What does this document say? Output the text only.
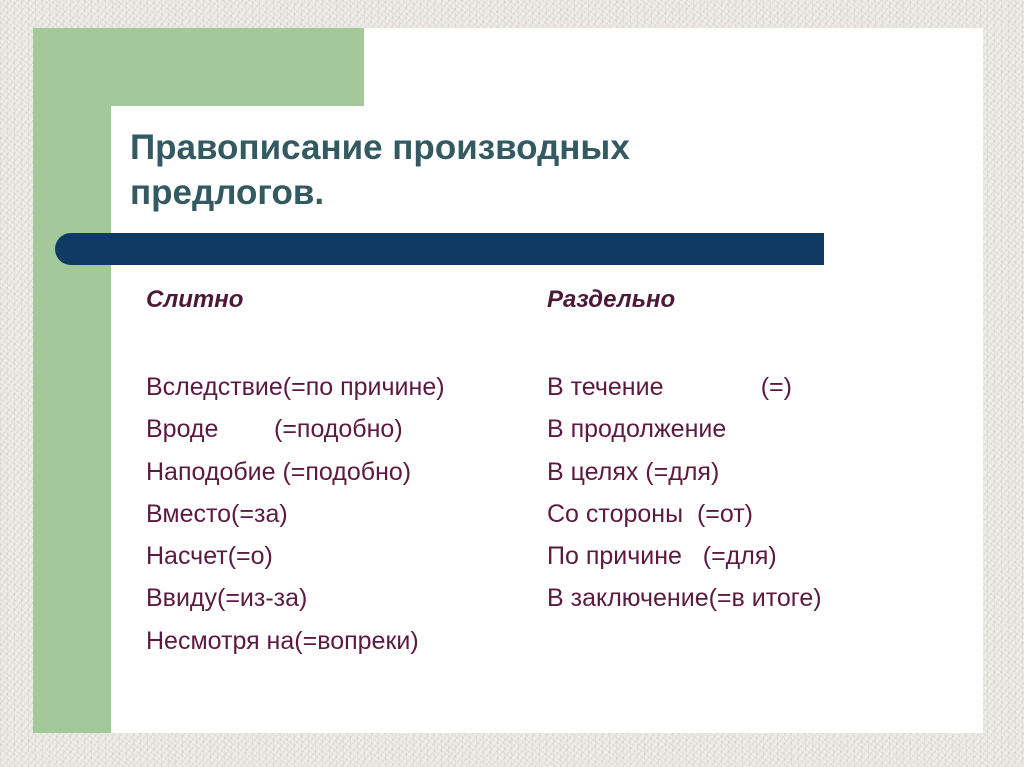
Правописание производных
предлогов.
Слитно
Вследствие(=по причине)
Вроде        (=подобно)
Наподобие (=подобно)
Вместо(=за)
Насчет(=о)
Ввиду(=из-за)
Несмотря на(=вопреки)
Раздельно
В течение              (=)
В продолжение
В целях (=для)
Со стороны  (=от)
По причине   (=для)
В заключение(=в итоге)
